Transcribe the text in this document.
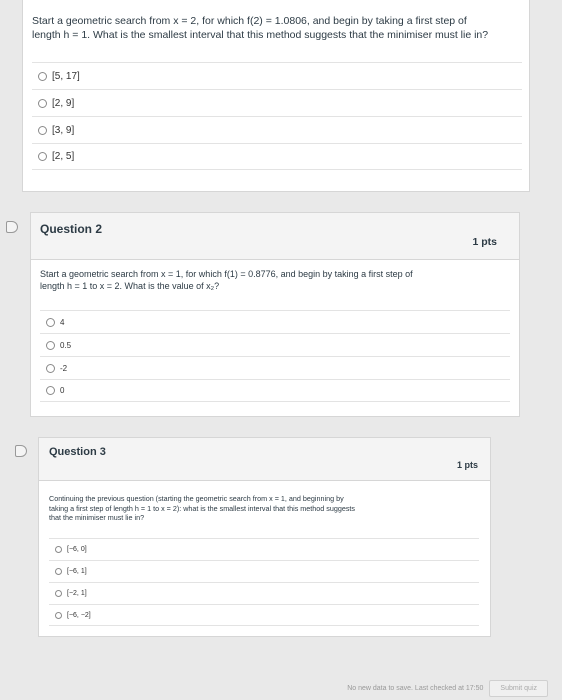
Start a geometric search from x = 2, for which f(2) = 1.0806, and begin by taking a first step of
length h = 1. What is the smallest interval that this method suggests that the minimiser must lie in?
[5, 17]
[2, 9]
[3, 9]
[2, 5]
Question 2
1 pts
Start a geometric search from x = 1, for which f(1) = 0.8776, and begin by taking a first step of
length h = 1 to x = 2. What is the value of x₂?
4
0.5
-2
0
Question 3
1 pts
Continuing the previous question (starting the geometric search from x = 1, and beginning by
taking a first step of length h = 1 to x = 2): what is the smallest interval that this method suggests
that the minimiser must lie in?
[−6, 0]
[−6, 1]
[−2, 1]
[−6, −2]
No new data to save. Last checked at 17:50	Submit quiz
